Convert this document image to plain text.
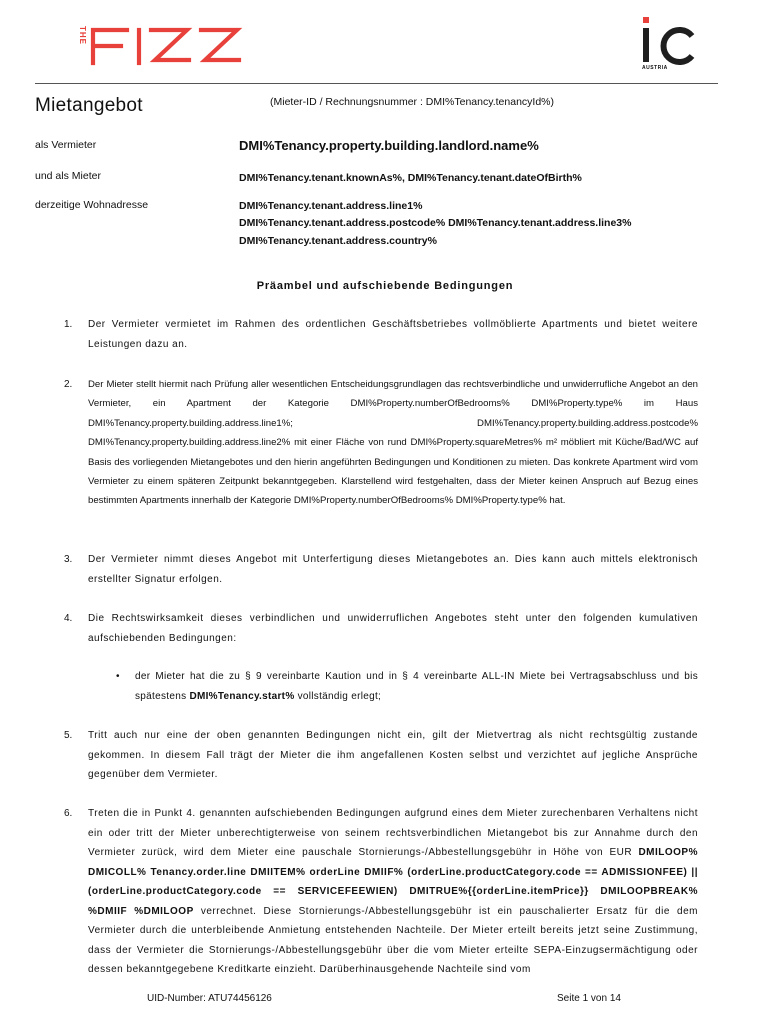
THE
AUSTRIA
Mietangebot	(Mieter-ID / Rechnungsnummer : DMI%Tenancy.tenancyId%)
als Vermieter	DMI%Tenancy.property.building.landlord.name%
und als Mieter	DMI%Tenancy.tenant.knownAs%, DMI%Tenancy.tenant.dateOfBirth%
derzeitige Wohnadresse	DMI%Tenancy.tenant.address.line1%
DMI%Tenancy.tenant.address.postcode% DMI%Tenancy.tenant.address.line3%
DMI%Tenancy.tenant.address.country%
Präambel und aufschiebende Bedingungen
1. Der Vermieter vermietet im Rahmen des ordentlichen Geschäftsbetriebes vollmöblierte Apartments und bietet weitere Leistungen dazu an.
2. Der Mieter stellt hiermit nach Prüfung aller wesentlichen Entscheidungsgrundlagen das rechtsverbindliche und unwiderrufliche Angebot an den Vermieter, ein Apartment der Kategorie DMI%Property.numberOfBedrooms% DMI%Property.type% im Haus DMI%Tenancy.property.building.address.line1%; DMI%Tenancy.property.building.address.postcode% DMI%Tenancy.property.building.address.line2% mit einer Fläche von rund DMI%Property.squareMetres% m² möbliert mit Küche/Bad/WC auf Basis des vorliegenden Mietangebotes und den hierin angeführten Bedingungen und Konditionen zu mieten. Das konkrete Apartment wird vom Vermieter zu einem späteren Zeitpunkt bekanntgegeben. Klarstellend wird festgehalten, dass der Mieter keinen Anspruch auf Bezug eines bestimmten Apartments innerhalb der Kategorie DMI%Property.numberOfBedrooms% DMI%Property.type% hat.
3. Der Vermieter nimmt dieses Angebot mit Unterfertigung dieses Mietangebotes an. Dies kann auch mittels elektronisch erstellter Signatur erfolgen.
4. Die Rechtswirksamkeit dieses verbindlichen und unwiderruflichen Angebotes steht unter den folgenden kumulativen aufschiebenden Bedingungen:
• der Mieter hat die zu § 9 vereinbarte Kaution und in § 4 vereinbarte ALL-IN Miete bei Vertragsabschluss und bis spätestens DMI%Tenancy.start% vollständig erlegt;
5. Tritt auch nur eine der oben genannten Bedingungen nicht ein, gilt der Mietvertrag als nicht rechtsgültig zustande gekommen. In diesem Fall trägt der Mieter die ihm angefallenen Kosten selbst und verzichtet auf jegliche Ansprüche gegenüber dem Vermieter.
6. Treten die in Punkt 4. genannten aufschiebenden Bedingungen aufgrund eines dem Mieter zurechenbaren Verhaltens nicht ein oder tritt der Mieter unberechtigterweise von seinem rechtsverbindlichen Mietangebot bis zur Annahme durch den Vermieter zurück, wird dem Mieter eine pauschale Stornierungs-/Abbestellungsgebühr in Höhe von EUR DMILOOP% DMICOLL% Tenancy.order.line DMIITEM% orderLine DMIIF% (orderLine.productCategory.code == ADMISSIONFEE) || (orderLine.productCategory.code == SERVICEFEEWIEN) DMITRUE%{{orderLine.itemPrice}} DMILOOPBREAK% %DMIIF %DMILOOP verrechnet. Diese Stornierungs-/Abbestellungsgebühr ist ein pauschalierter Ersatz für die dem Vermieter durch die unterbleibende Anmietung entstehenden Nachteile. Der Mieter erteilt bereits jetzt seine Zustimmung, dass der Vermieter die Stornierungs-/Abbestellungsgebühr über die vom Mieter erteilte SEPA-Einzugsermächtigung oder dessen bekanntgegebene Kreditkarte einzieht. Darüberhinausgehende Nachteile sind vom
UID-Number: ATU74456126	Seite 1 von 14
